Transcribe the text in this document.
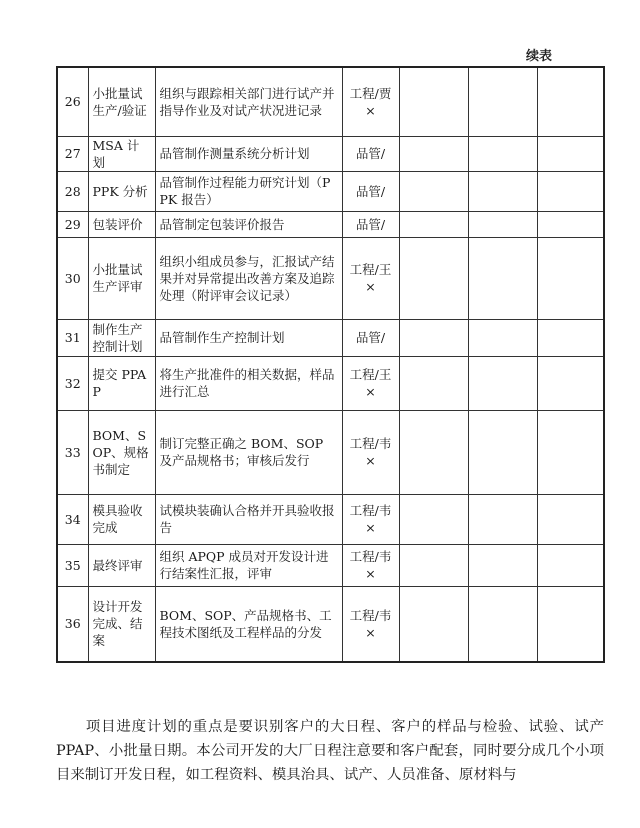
续表
26	小批量试生产/验证	组织与跟踪相关部门进行试产并指导作业及对试产状况进记录	工程/贾×			
27	MSA 计划	品管制作测量系统分析计划	品管/			
28	PPK 分析	品管制作过程能力研究计划（PPK 报告）	品管/			
29	包装评价	品管制定包装评价报告	品管/			
30	小批量试生产评审	组织小组成员参与，汇报试产结果并对异常提出改善方案及追踪处理（附评审会议记录）	工程/王×			
31	制作生产控制计划	品管制作生产控制计划	品管/			
32	提交 PPAP	将生产批准件的相关数据，样品进行汇总	工程/王×			
33	BOM、SOP、规格书制定	制订完整正确之 BOM、SOP 及产品规格书；审核后发行	工程/韦×			
34	模具验收完成	试模块装确认合格并开具验收报告	工程/韦×			
35	最终评审	组织 APQP 成员对开发设计进行结案性汇报，评审	工程/韦×			
36	设计开发完成、结案	BOM、SOP、产品规格书、工程技术图纸及工程样品的分发	工程/韦×			

项目进度计划的重点是要识别客户的大日程、客户的样品与检验、试验、试产PPAP、小批量日期。本公司开发的大厂日程注意要和客户配套，同时要分成几个小项目来制订开发日程，如工程资料、模具治具、试产、人员准备、原材料与
